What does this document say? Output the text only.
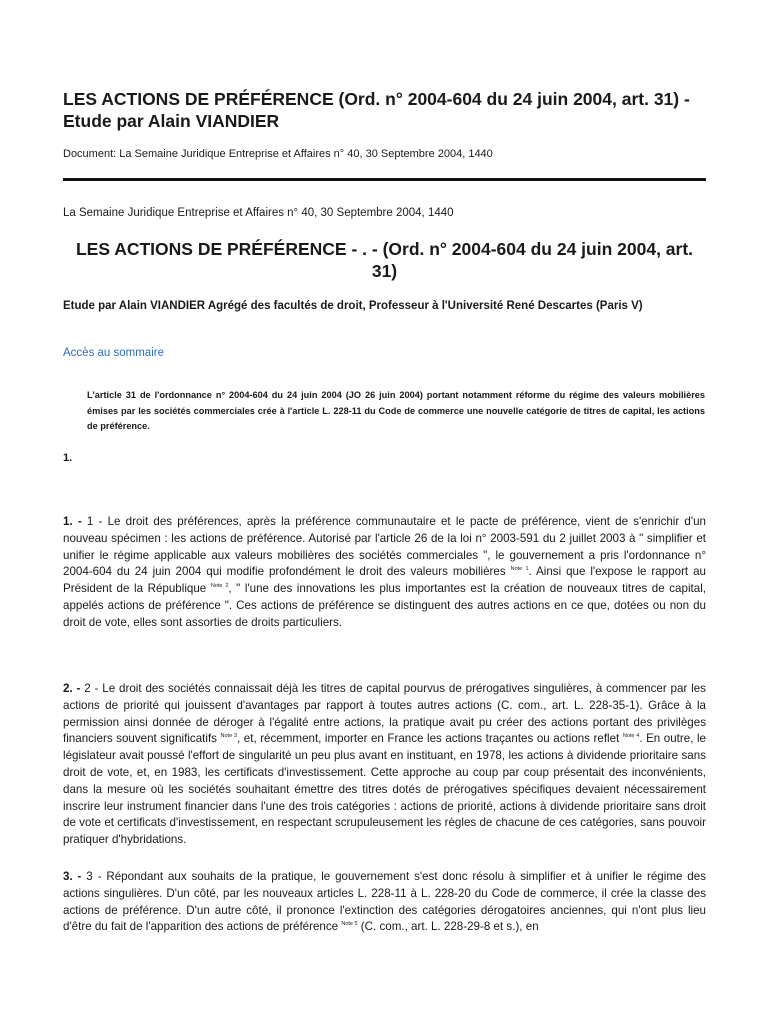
LES ACTIONS DE PRÉFÉRENCE (Ord. n° 2004-604 du 24 juin 2004, art. 31) - Etude par Alain VIANDIER
Document: La Semaine Juridique Entreprise et Affaires n° 40, 30 Septembre 2004, 1440
La Semaine Juridique Entreprise et Affaires n° 40, 30 Septembre 2004, 1440
LES ACTIONS DE PRÉFÉRENCE - . - (Ord. n° 2004-604 du 24 juin 2004, art. 31)
Etude par Alain VIANDIER Agrégé des facultés de droit, Professeur à l'Université René Descartes (Paris V)
Accès au sommaire
L'article 31 de l'ordonnance n° 2004-604 du 24 juin 2004 (JO 26 juin 2004) portant notamment réforme du régime des valeurs mobilières émises par les sociétés commerciales crée à l'article L. 228-11 du Code de commerce une nouvelle catégorie de titres de capital, les actions de préférence.
1.
1. - 1 - Le droit des préférences, après la préférence communautaire et le pacte de préférence, vient de s'enrichir d'un nouveau spécimen : les actions de préférence. Autorisé par l'article 26 de la loi n° 2003-591 du 2 juillet 2003 à " simplifier et unifier le régime applicable aux valeurs mobilières des sociétés commerciales ", le gouvernement a pris l'ordonnance n° 2004-604 du 24 juin 2004 qui modifie profondément le droit des valeurs mobilières $^{Note 1}$. Ainsi que l'expose le rapport au Président de la République $^{Note 2}$, " l'une des innovations les plus importantes est la création de nouveaux titres de capital, appelés actions de préférence ". Ces actions de préférence se distinguent des autres actions en ce que, dotées ou non du droit de vote, elles sont assorties de droits particuliers.
2. - 2 - Le droit des sociétés connaissait déjà les titres de capital pourvus de prérogatives singulières, à commencer par les actions de priorité qui jouissent d'avantages par rapport à toutes autres actions (C. com., art. L. 228-35-1). Grâce à la permission ainsi donnée de déroger à l'égalité entre actions, la pratique avait pu créer des actions portant des privilèges financiers souvent significatifs $^{Note 3}$, et, récemment, importer en France les actions traçantes ou actions reflet $^{Note 4}$. En outre, le législateur avait poussé l'effort de singularité un peu plus avant en instituant, en 1978, les actions à dividende prioritaire sans droit de vote, et, en 1983, les certificats d'investissement. Cette approche au coup par coup présentait des inconvénients, dans la mesure où les sociétés souhaitant émettre des titres dotés de prérogatives spécifiques devaient nécessairement inscrire leur instrument financier dans l'une des trois catégories : actions de priorité, actions à dividende prioritaire sans droit de vote et certificats d'investissement, en respectant scrupuleusement les règles de chacune de ces catégories, sans pouvoir pratiquer d'hybridations.
3. - 3 - Répondant aux souhaits de la pratique, le gouvernement s'est donc résolu à simplifier et à unifier le régime des actions singulières. D'un côté, par les nouveaux articles L. 228-11 à L. 228-20 du Code de commerce, il crée la classe des actions de préférence. D'un autre côté, il prononce l'extinction des catégories dérogatoires anciennes, qui n'ont plus lieu d'être du fait de l'apparition des actions de préférence $^{Note 5}$ (C. com., art. L. 228-29-8 et s.), en
